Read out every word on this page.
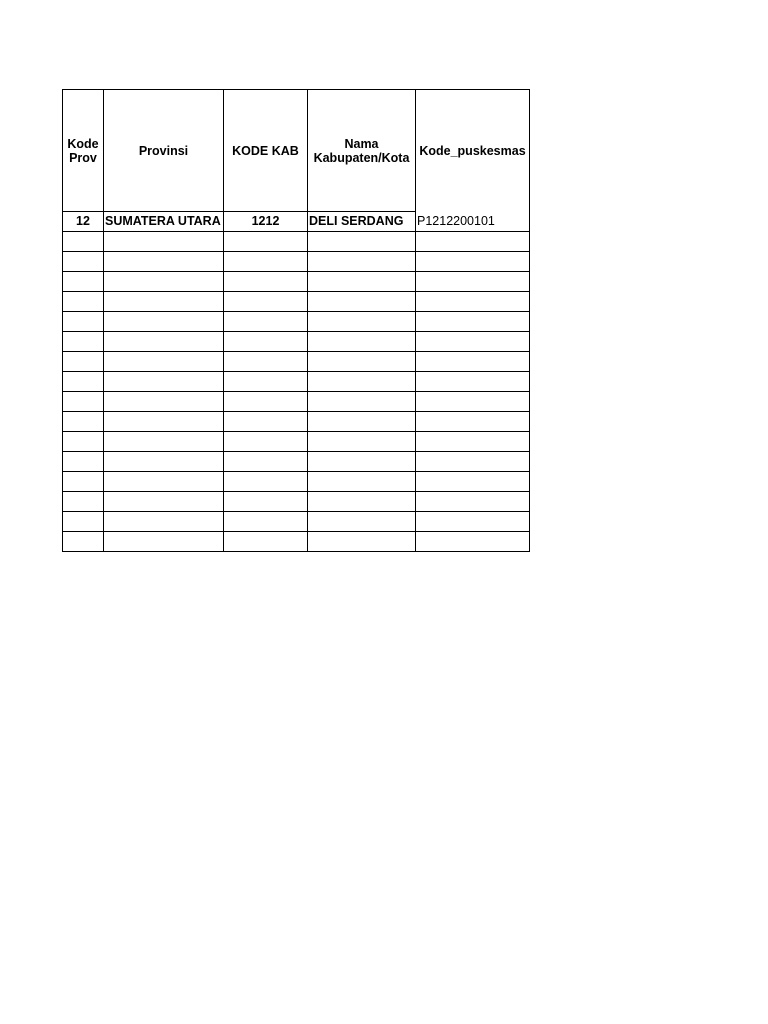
Kode Prov	Provinsi	KODE KAB	Nama Kabupaten/Kota	Kode_puskesmas
12	SUMATERA UTARA	1212	DELI SERDANG	P1212200101
